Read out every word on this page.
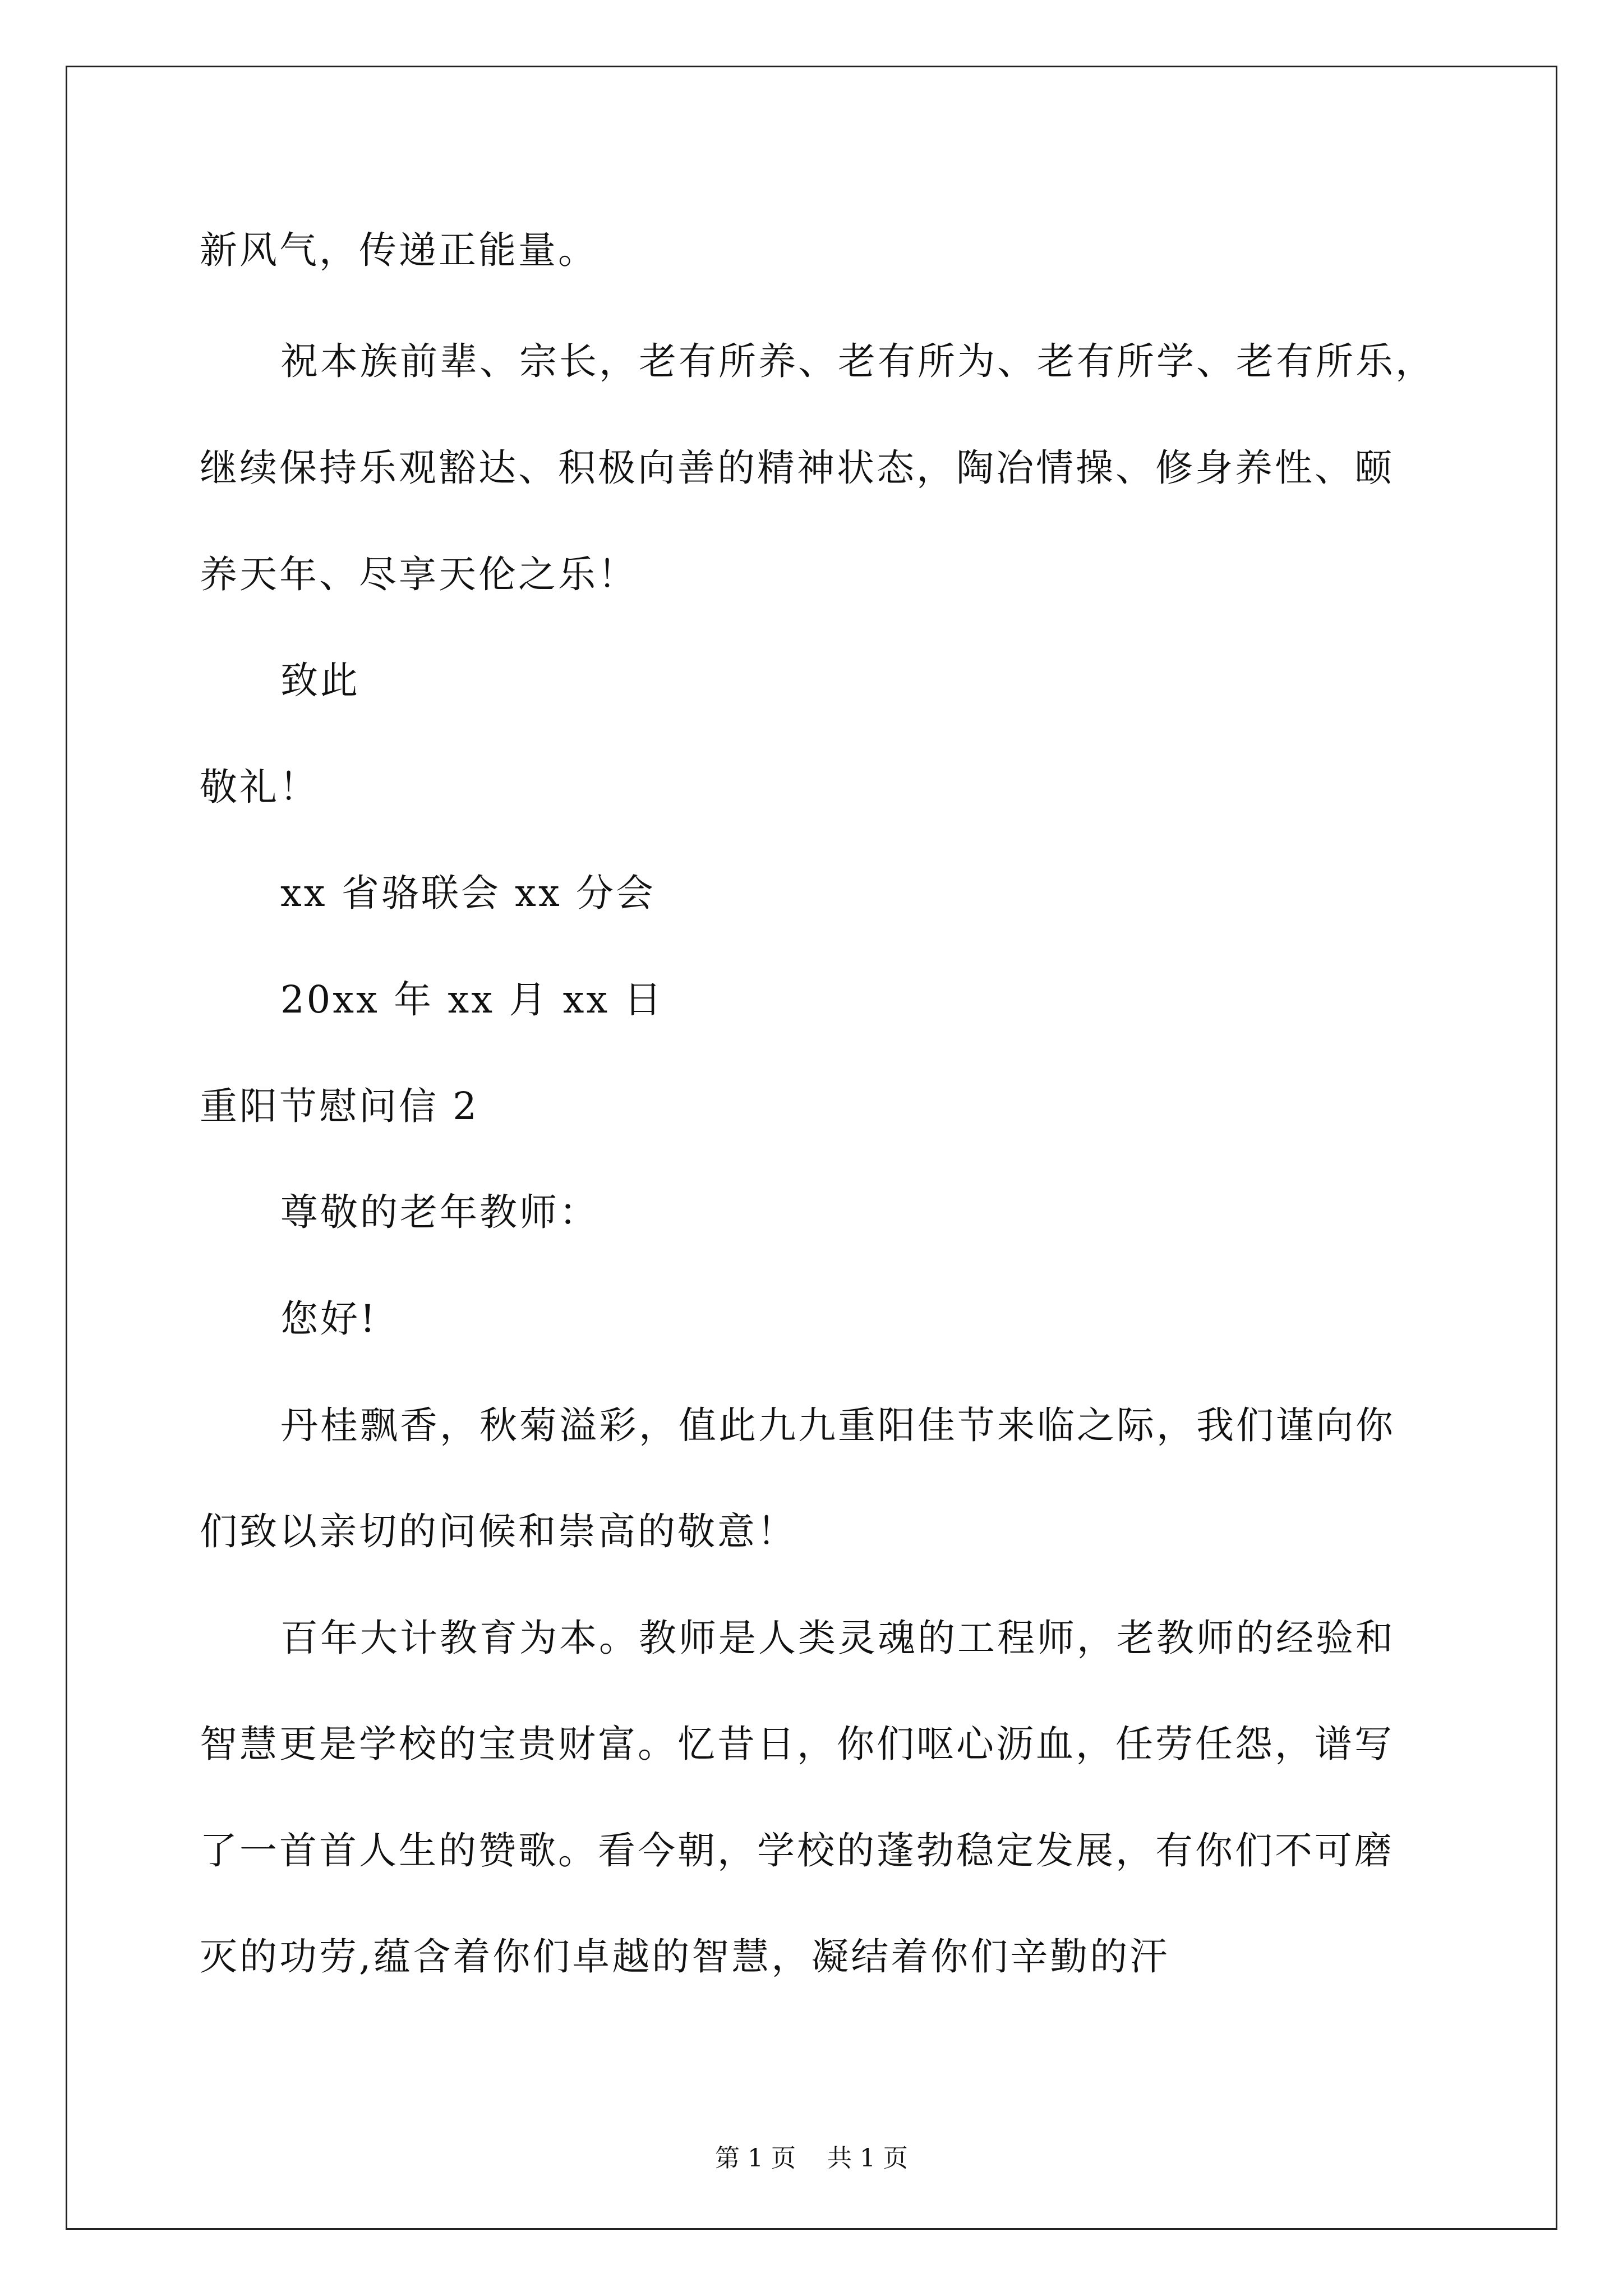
新风气，传递正能量。
祝本族前辈、宗长，老有所养、老有所为、老有所学、老有所乐，
继续保持乐观豁达、积极向善的精神状态，陶冶情操、修身养性、颐
养天年、尽享天伦之乐！
致此
敬礼！
xx 省骆联会 xx 分会
20xx 年 xx 月 xx 日
重阳节慰问信 2
尊敬的老年教师：
您好!
丹桂飘香，秋菊溢彩，值此九九重阳佳节来临之际，我们谨向你
们致以亲切的问候和崇高的敬意！
百年大计教育为本。教师是人类灵魂的工程师，老教师的经验和
智慧更是学校的宝贵财富。忆昔日，你们呕心沥血，任劳任怨，谱写
了一首首人生的赞歌。看今朝，学校的蓬勃稳定发展，有你们不可磨
灭的功劳,蕴含着你们卓越的智慧，凝结着你们辛勤的汗
第 1 页    共 1 页
